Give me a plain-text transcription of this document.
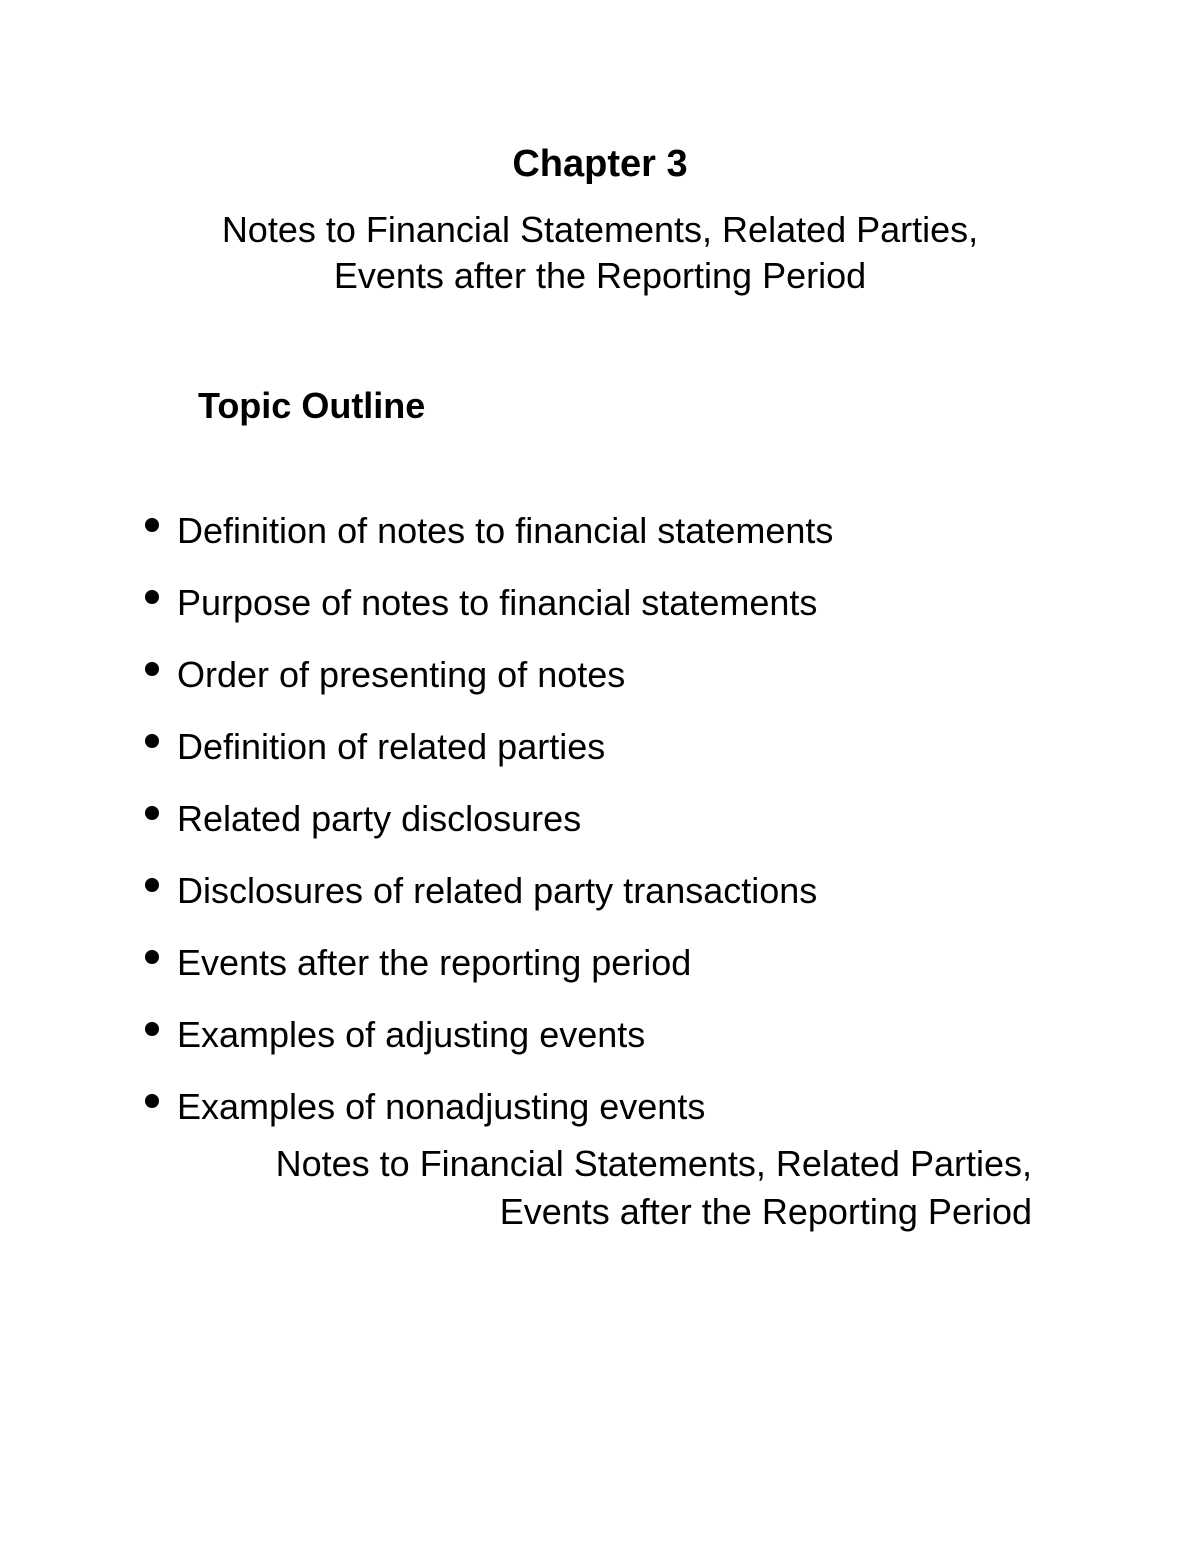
Chapter 3
Notes to Financial Statements, Related Parties,
Events after the Reporting Period
Topic Outline
Definition of notes to financial statements
Purpose of notes to financial statements
Order of presenting of notes
Definition of related parties
Related party disclosures
Disclosures of related party transactions
Events after the reporting period
Examples of adjusting events
Examples of nonadjusting events
Notes to Financial Statements, Related Parties,
Events after the Reporting Period
